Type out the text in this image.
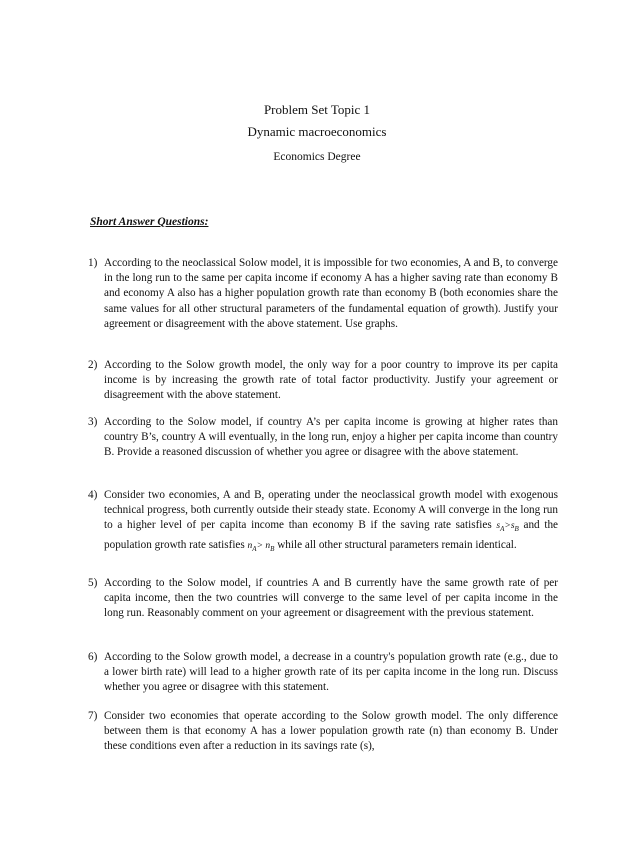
Problem Set Topic 1
Dynamic macroeconomics
Economics Degree
Short Answer Questions:
1) According to the neoclassical Solow model, it is impossible for two economies, A and B, to converge in the long run to the same per capita income if economy A has a higher saving rate than economy B and economy A also has a higher population growth rate than economy B (both economies share the same values for all other structural parameters of the fundamental equation of growth). Justify your agreement or disagreement with the above statement. Use graphs.
2) According to the Solow growth model, the only way for a poor country to improve its per capita income is by increasing the growth rate of total factor productivity. Justify your agreement or disagreement with the above statement.
3) According to the Solow model, if country A’s per capita income is growing at higher rates than country B’s, country A will eventually, in the long run, enjoy a higher per capita income than country B. Provide a reasoned discussion of whether you agree or disagree with the above statement.
4) Consider two economies, A and B, operating under the neoclassical growth model with exogenous technical progress, both currently outside their steady state. Economy A will converge in the long run to a higher level of per capita income than economy B if the saving rate satisfies $s_A>s_B$ and the population growth rate satisfies $n_A> n_B$ while all other structural parameters remain identical.
5) According to the Solow model, if countries A and B currently have the same growth rate of per capita income, then the two countries will converge to the same level of per capita income in the long run. Reasonably comment on your agreement or disagreement with the previous statement.
6) According to the Solow growth model, a decrease in a country's population growth rate (e.g., due to a lower birth rate) will lead to a higher growth rate of its per capita income in the long run. Discuss whether you agree or disagree with this statement.
7) Consider two economies that operate according to the Solow growth model. The only difference between them is that economy A has a lower population growth rate (n) than economy B. Under these conditions even after a reduction in its savings rate (s),
